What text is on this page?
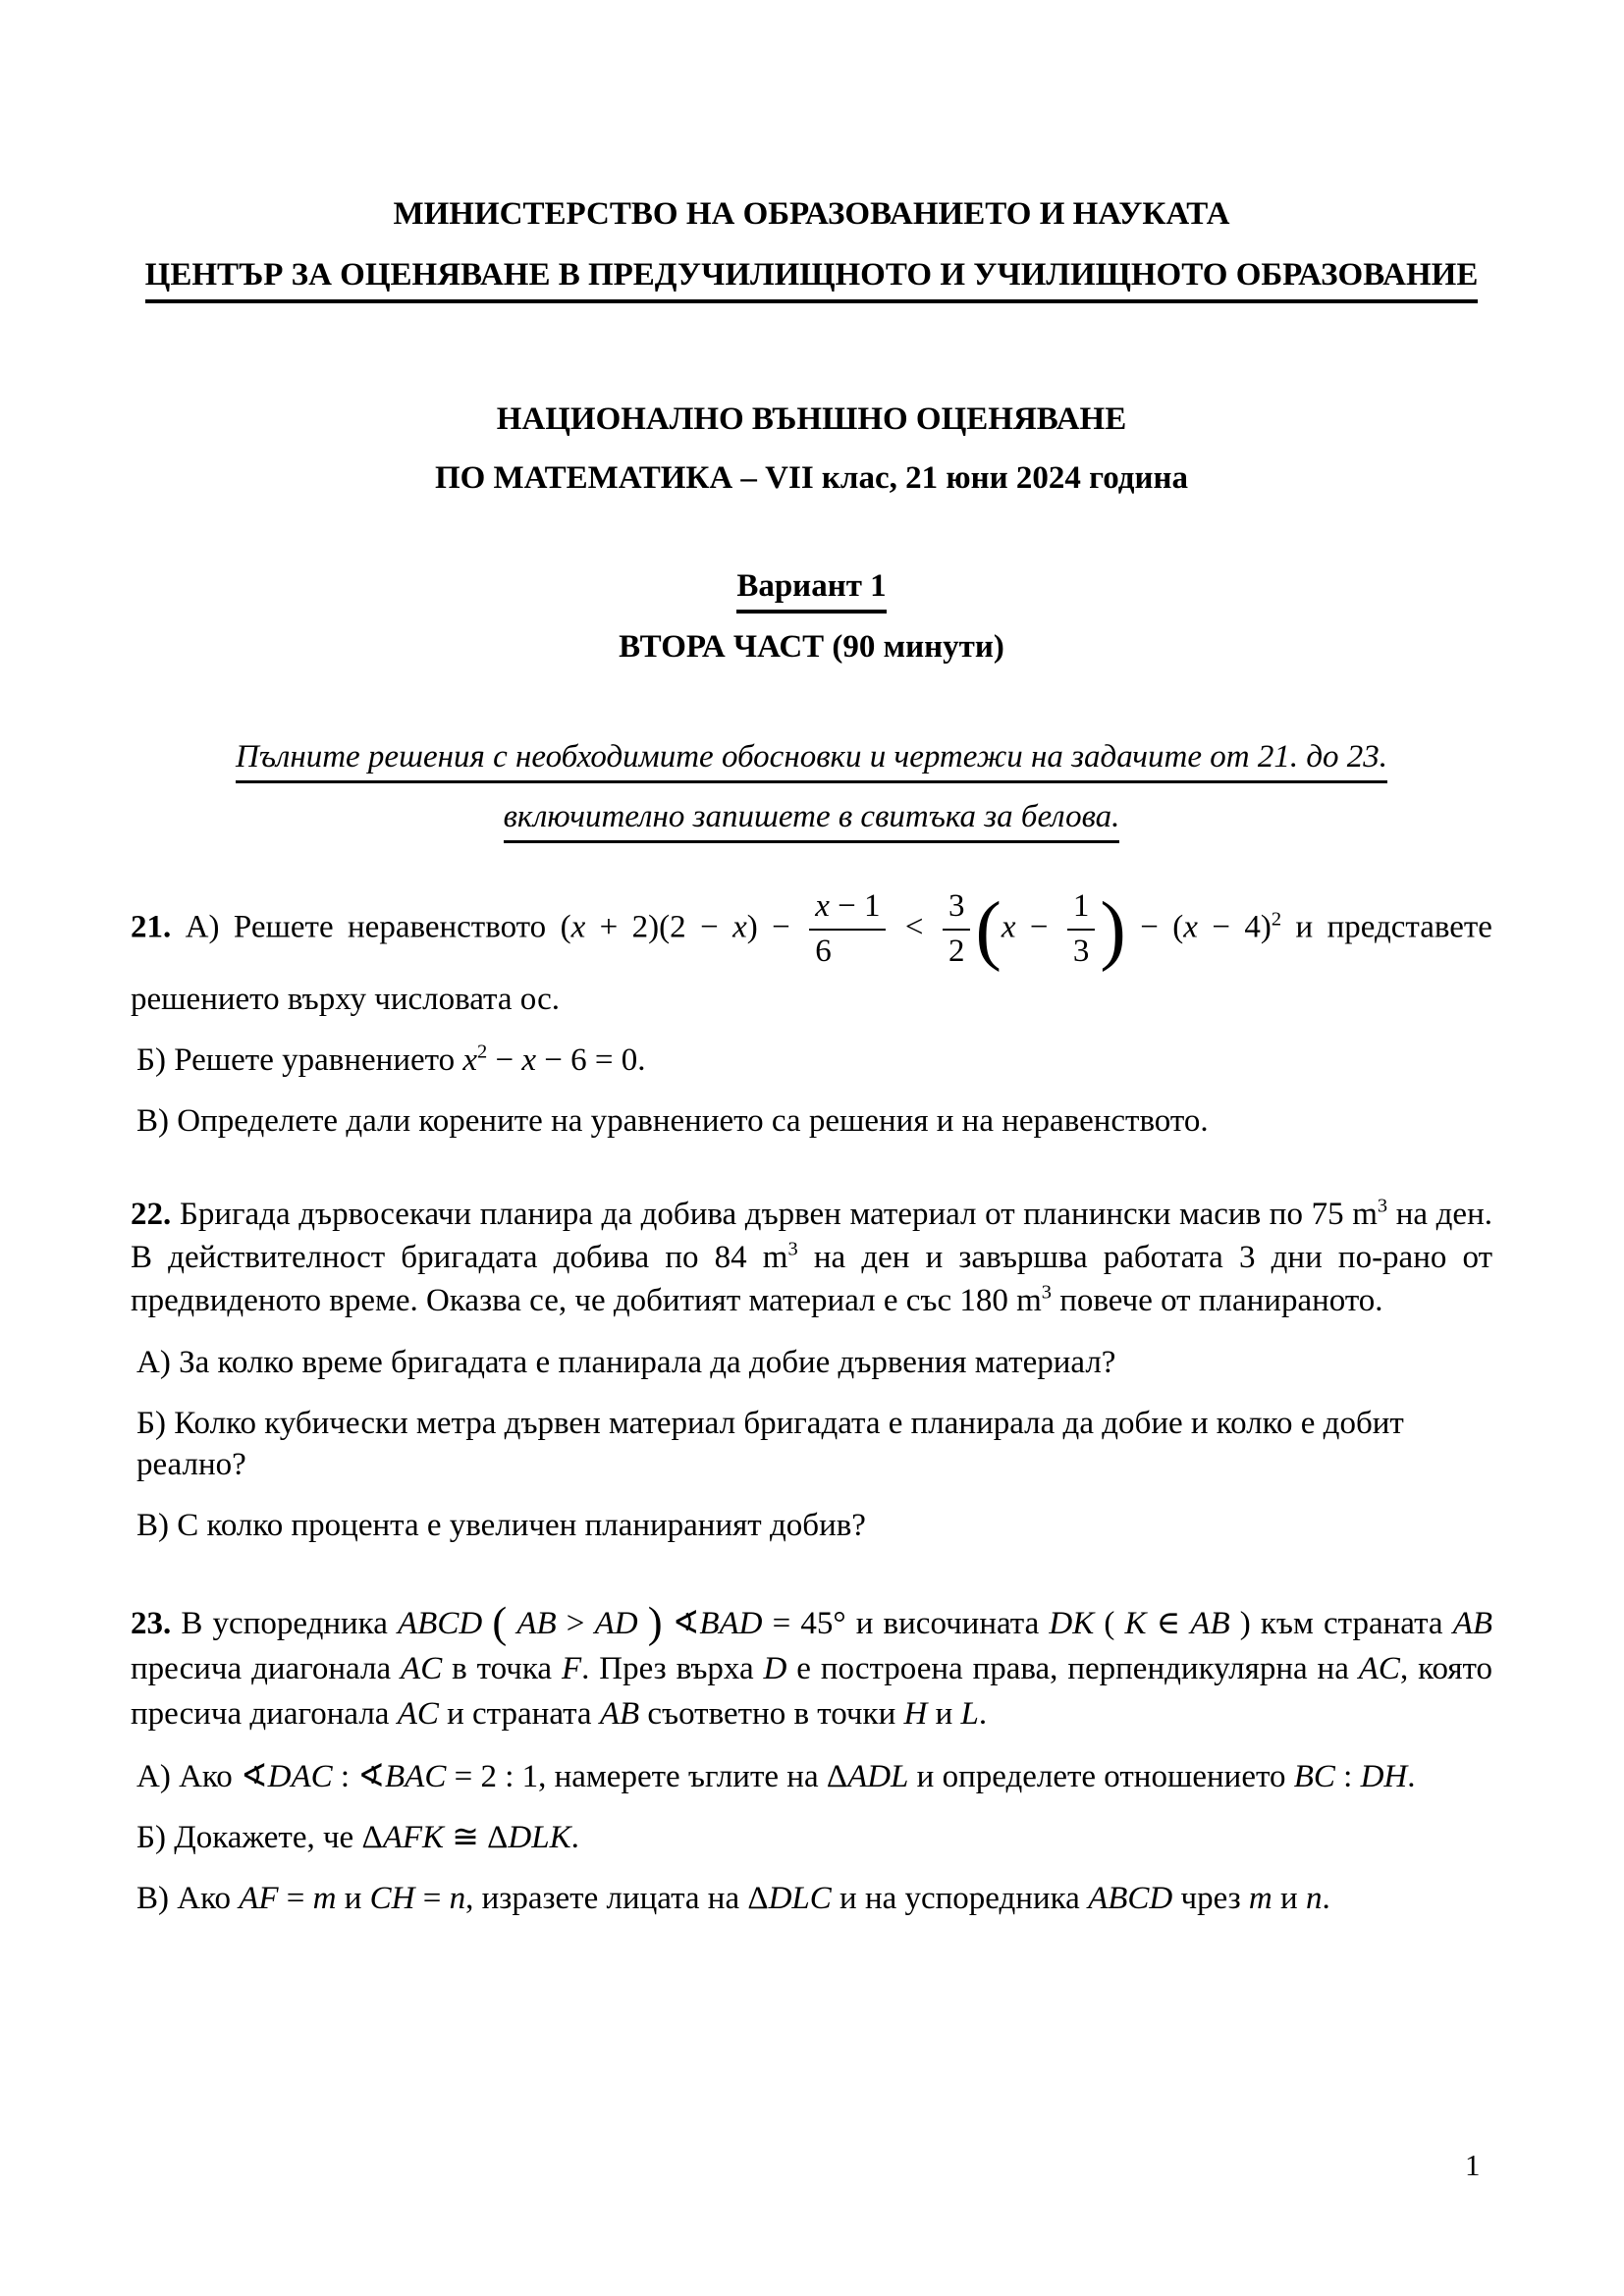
МИНИСТЕРСТВО НА ОБРАЗОВАНИЕТО И НАУКАТА
ЦЕНТЪР ЗА ОЦЕНЯВАНЕ В ПРЕДУЧИЛИЩНОТО И УЧИЛИЩНОТО ОБРАЗОВАНИЕ
НАЦИОНАЛНО ВЪНШНО ОЦЕНЯВАНЕ
ПО МАТЕМАТИКА – VII клас, 21 юни 2024 година
Вариант 1
ВТОРА ЧАСТ (90 минути)
Пълните решения с необходимите обосновки и чертежи на задачите от 21. до 23.
включително запишете в свитъка за белова.
21. А) Решете неравенството $(x + 2)(2 - x) - \frac{x - 1}{6} < \frac{3}{2} (x - \frac{1}{3}$ ) − $(x - 4)^2$ и представете
решението върху числовата ос.
Б) Решете уравнението $x^2 - x - 6 = 0$.
В) Определете дали корените на уравнението са решения и на неравенството.
22. Бригада дървосекачи планира да добива дървен материал от планински масив по 75 $m^3$ на ден. В действителност бригадата добива по 84 $m^3$ на ден и завършва работата 3 дни по-рано от предвиденото време. Оказва се, че добитият материал е със 180 $m^3$ повече от планираното.
А) За колко време бригадата е планирала да добие дървения материал?
Б) Колко кубически метра дървен материал бригадата е планирала да добие и колко е добит реално?
В) С колко процента е увеличен планираният добив?
23. В успоредника ABCD ( AB > AD ) ∢BAD = 45° и височината DK ( K ∈ AB ) към страната AB пресича диагонала AC в точка F. През върха D е построена права, перпендикулярна на AC, която пресича диагонала AC и страната AB съответно в точки H и L.
А) Ако ∢DAC : ∢BAC = 2 : 1, намерете ъглите на ΔADL и определете отношението BC : DH.
Б) Докажете, че ΔAFK ≅ ΔDLK.
В) Ако AF = m и CH = n, изразете лицата на ΔDLC и на успоредника ABCD чрез m и n.
1
